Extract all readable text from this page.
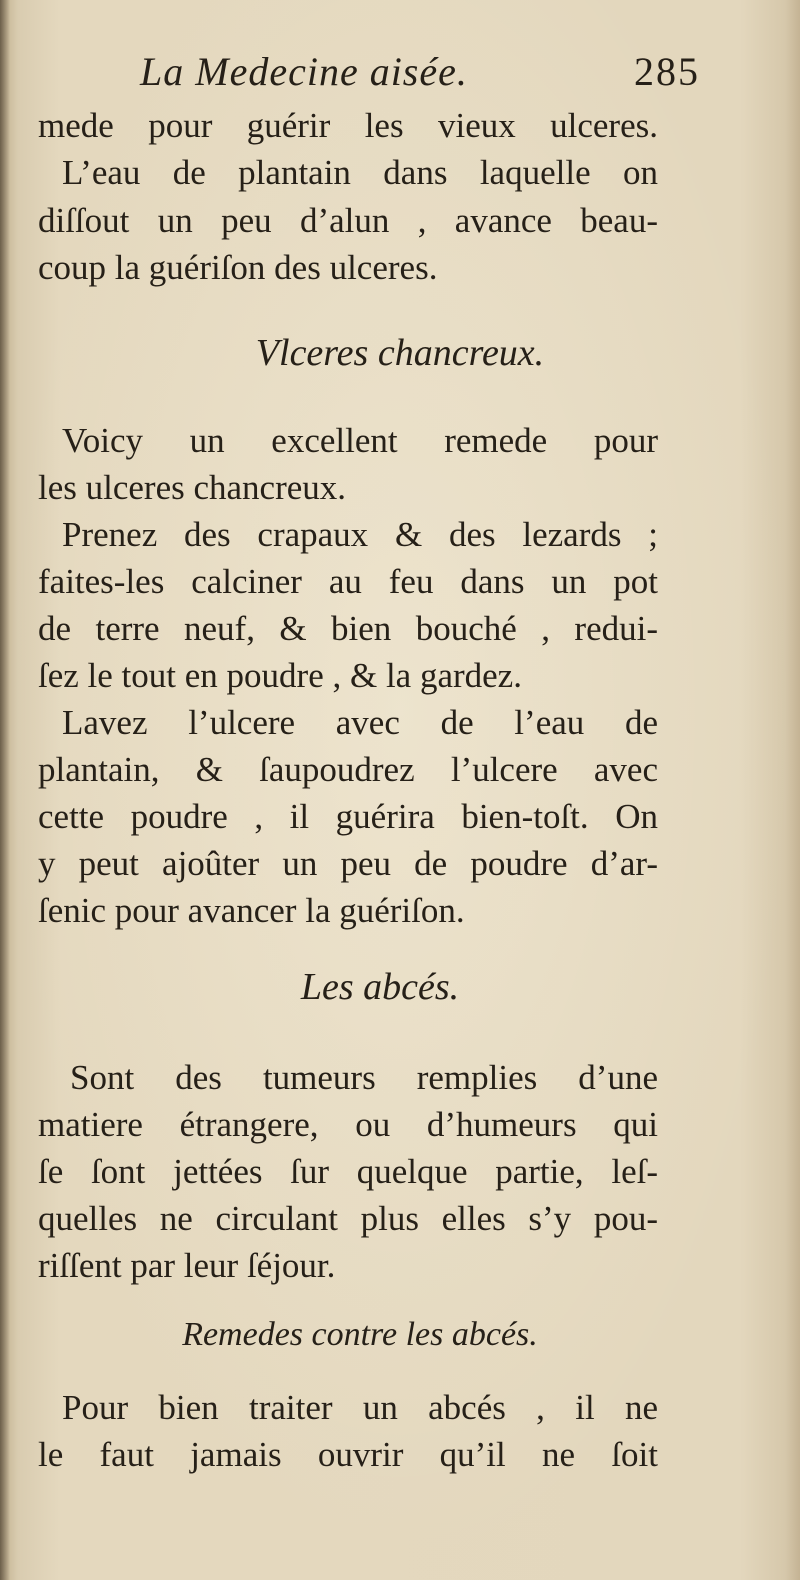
La Medecine aisée.	285
mede pour guérir les vieux ulceres.
L’eau de plantain dans laquelle on
diſſout un peu d’alun , avance beau-
coup la guériſon des ulceres.
Vlceres chancreux.
Voicy un excellent remede pour
les ulceres chancreux.
Prenez des crapaux & des lezards ;
faites-les calciner au feu dans un pot
de terre neuf, & bien bouché , redui-
ſez le tout en poudre , & la gardez.
Lavez l’ulcere avec de l’eau de
plantain, & ſaupoudrez l’ulcere avec
cette poudre , il guérira bien-toſt. On
y peut ajoûter un peu de poudre d’ar-
ſenic pour avancer la guériſon.
Les abcés.
Sont des tumeurs remplies d’une
matiere étrangere, ou d’humeurs qui
ſe ſont jettées ſur quelque partie, leſ-
quelles ne circulant plus elles s’y pou-
riſſent par leur ſéjour.
Remedes contre les abcés.
Pour bien traiter un abcés , il ne
le faut jamais ouvrir qu’il ne ſoit
